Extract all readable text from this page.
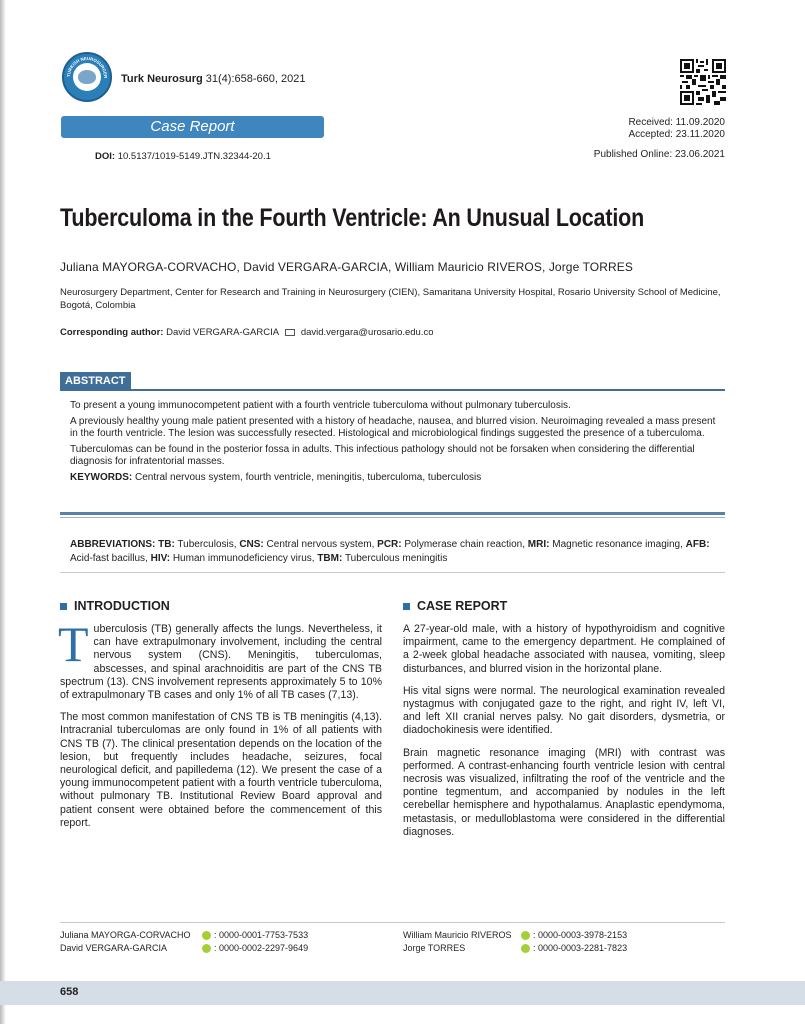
TURKISH NEUROSURGER Turk Neurosurg 31(4):658-660, 2021
Case Report	Received: 11.09.2020
Accepted: 23.11.2020
Published Online: 23.06.2021
DOI: 10.5137/1019-5149.JTN.32344-20.1
Tuberculoma in the Fourth Ventricle: An Unusual Location
Juliana MAYORGA-CORVACHO, David VERGARA-GARCIA, William Mauricio RIVEROS, Jorge TORRES
Neurosurgery Department, Center for Research and Training in Neurosurgery (CIEN), Samaritana University Hospital, Rosario University School of Medicine, Bogotá, Colombia
Corresponding author: David VERGARA-GARCIA david.vergara@urosario.edu.co
ABSTRACT

To present a young immunocompetent patient with a fourth ventricle tuberculoma without pulmonary tuberculosis.

A previously healthy young male patient presented with a history of headache, nausea, and blurred vision. Neuroimaging revealed a mass present in the fourth ventricle. The lesion was successfully resected. Histological and microbiological findings suggested the presence of a tuberculoma.

Tuberculomas can be found in the posterior fossa in adults. This infectious pathology should not be forsaken when considering the differential diagnosis for infratentorial masses.

KEYWORDS: Central nervous system, fourth ventricle, meningitis, tuberculoma, tuberculosis

ABBREVIATIONS: TB: Tuberculosis, CNS: Central nervous system, PCR: Polymerase chain reaction, MRI: Magnetic resonance imaging, AFB: Acid-fast bacillus, HIV: Human immunodeficiency virus, TBM: Tuberculous meningitis
INTRODUCTION

Tuberculosis (TB) generally affects the lungs. Nevertheless, it can have extrapulmonary involvement, including the central nervous system (CNS). Meningitis, tuberculomas, abscesses, and spinal arachnoiditis are part of the CNS TB spectrum (13). CNS involvement represents approximately 5 to 10% of extrapulmonary TB cases and only 1% of all TB cases (7,13).

The most common manifestation of CNS TB is TB meningitis (4,13). Intracranial tuberculomas are only found in 1% of all patients with CNS TB (7). The clinical presentation depends on the location of the lesion, but frequently includes headache, seizures, focal neurological deficit, and papilledema (12). We present the case of a young immunocompetent patient with a fourth ventricle tuberculoma, without pulmonary TB. Institutional Review Board approval and patient consent were obtained before the commencement of this report.

CASE REPORT

A 27-year-old male, with a history of hypothyroidism and cognitive impairment, came to the emergency department. He complained of a 2-week global headache associated with nausea, vomiting, sleep disturbances, and blurred vision in the horizontal plane.

His vital signs were normal. The neurological examination revealed nystagmus with conjugated gaze to the right, and right IV, left VI, and left XII cranial nerves palsy. No gait disorders, dysmetria, or diadochokinesis were identified.

Brain magnetic resonance imaging (MRI) with contrast was performed. A contrast-enhancing fourth ventricle lesion with central necrosis was visualized, infiltrating the roof of the ventricle and the pontine tegmentum, and accompanied by nodules in the left cerebellar hemisphere and hypothalamus. Anaplastic ependymoma, metastasis, or medulloblastoma were considered in the differential diagnoses.

Juliana MAYORGA-CORVACHO	: 0000-0001-7753-7533
David VERGARA-GARCIA	: 0000-0002-2297-9649
William Mauricio RIVEROS	: 0000-0003-3978-2153
Jorge TORRES	: 0000-0003-2281-7823
658
